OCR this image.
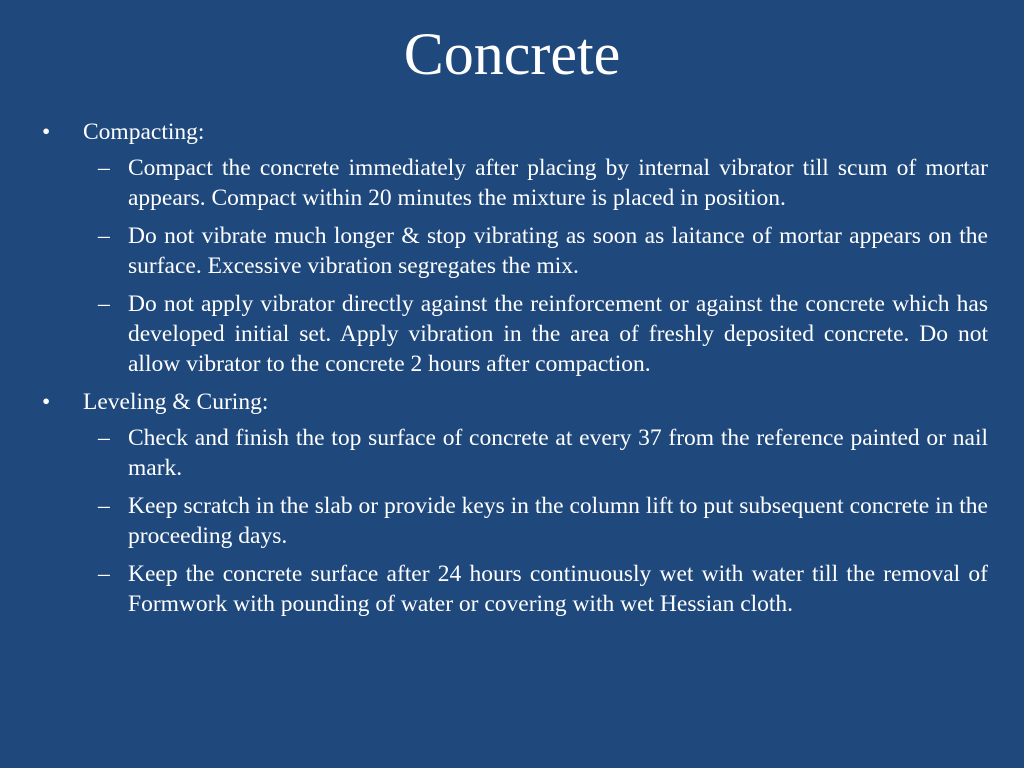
Concrete
• Compacting:
– Compact the concrete immediately after placing by internal vibrator till scum of mortar appears. Compact within 20 minutes the mixture is placed in position.
– Do not vibrate much longer & stop vibrating as soon as laitance of mortar appears on the surface. Excessive vibration segregates the mix.
– Do not apply vibrator directly against the reinforcement or against the concrete which has developed initial set. Apply vibration in the area of freshly deposited concrete. Do not allow vibrator to the concrete 2 hours after compaction.
• Leveling & Curing:
– Check and finish the top surface of concrete at every 37 from the reference painted or nail mark.
– Keep scratch in the slab or provide keys in the column lift to put subsequent concrete in the proceeding days.
– Keep the concrete surface after 24 hours continuously wet with water till the removal of Formwork with pounding of water or covering with wet Hessian cloth.
